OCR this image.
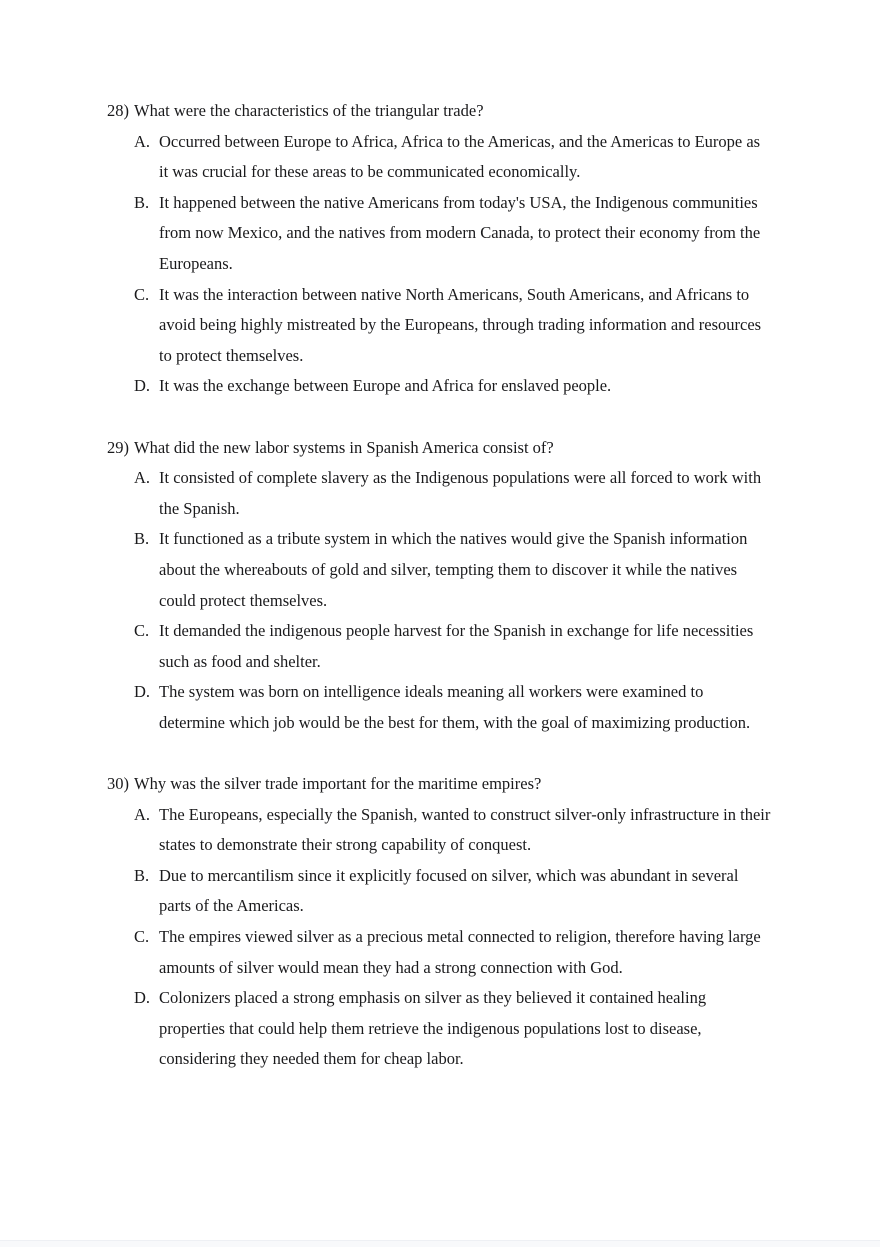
28) What were the characteristics of the triangular trade?
A. Occurred between Europe to Africa, Africa to the Americas, and the Americas to Europe as it was crucial for these areas to be communicated economically.
B. It happened between the native Americans from today's USA, the Indigenous communities from now Mexico, and the natives from modern Canada, to protect their economy from the Europeans.
C. It was the interaction between native North Americans, South Americans, and Africans to avoid being highly mistreated by the Europeans, through trading information and resources to protect themselves.
D. It was the exchange between Europe and Africa for enslaved people.
29) What did the new labor systems in Spanish America consist of?
A. It consisted of complete slavery as the Indigenous populations were all forced to work with the Spanish.
B. It functioned as a tribute system in which the natives would give the Spanish information about the whereabouts of gold and silver, tempting them to discover it while the natives could protect themselves.
C. It demanded the indigenous people harvest for the Spanish in exchange for life necessities such as food and shelter.
D. The system was born on intelligence ideals meaning all workers were examined to determine which job would be the best for them, with the goal of maximizing production.
30) Why was the silver trade important for the maritime empires?
A. The Europeans, especially the Spanish, wanted to construct silver-only infrastructure in their states to demonstrate their strong capability of conquest.
B. Due to mercantilism since it explicitly focused on silver, which was abundant in several parts of the Americas.
C. The empires viewed silver as a precious metal connected to religion, therefore having large amounts of silver would mean they had a strong connection with God.
D. Colonizers placed a strong emphasis on silver as they believed it contained healing properties that could help them retrieve the indigenous populations lost to disease, considering they needed them for cheap labor.
